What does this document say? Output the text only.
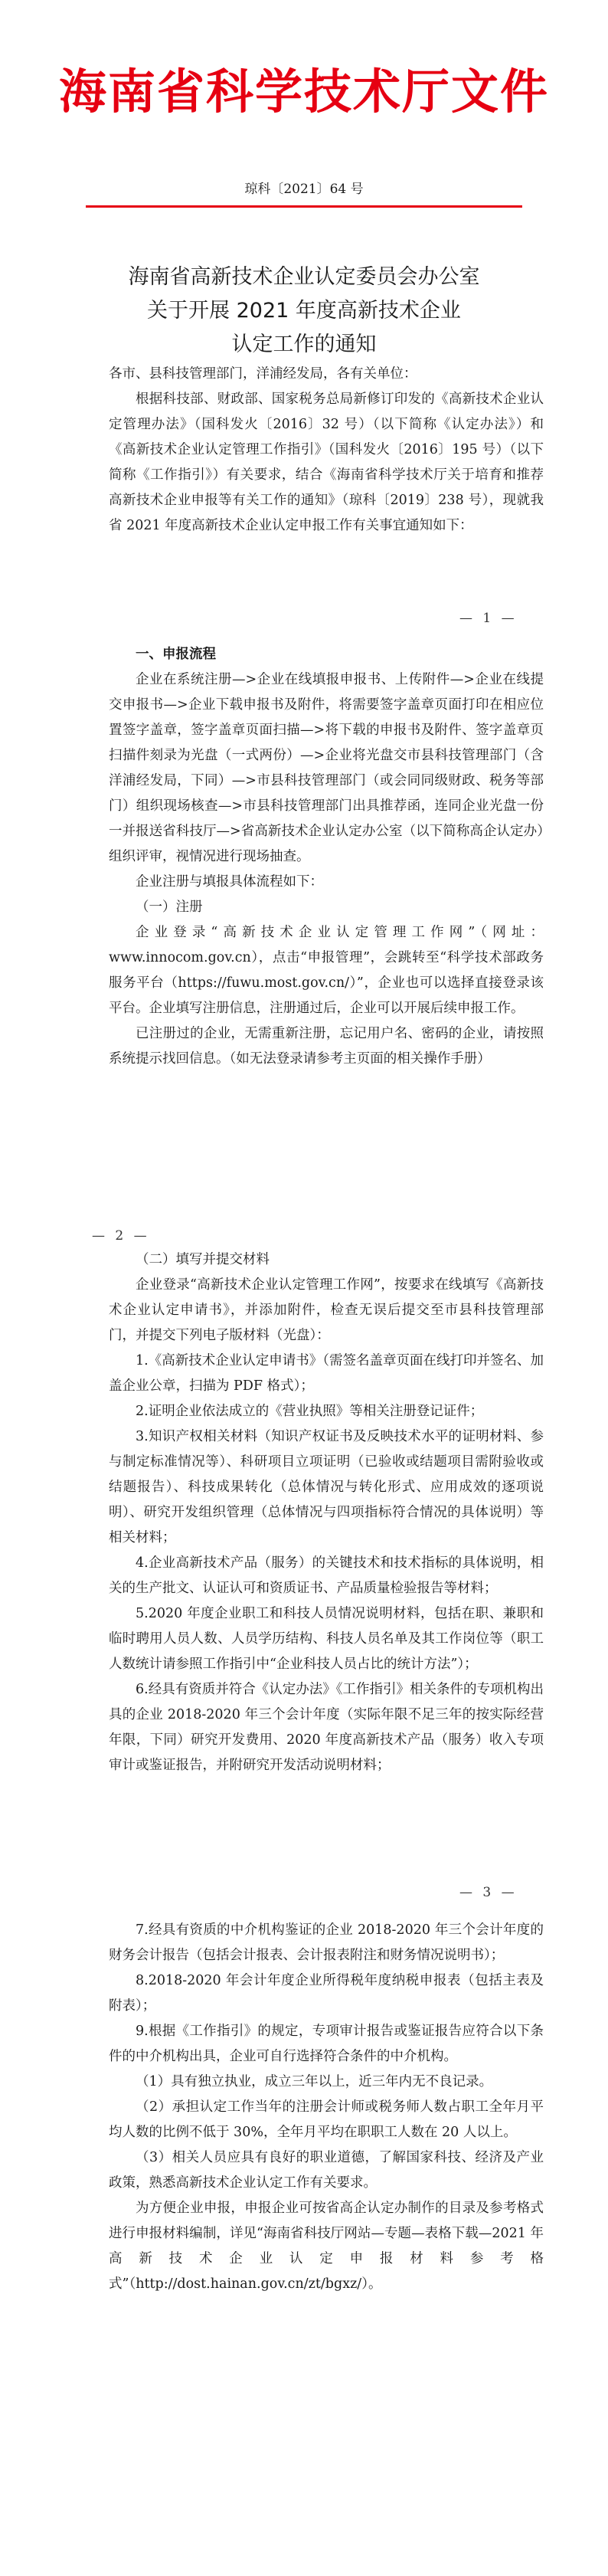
海南省科学技术厅文件
琼科〔2021〕64 号
海南省高新技术企业认定委员会办公室
关于开展 2021 年度高新技术企业
认定工作的通知

各市、县科技管理部门，洋浦经发局，各有关单位：

根据科技部、财政部、国家税务总局新修订印发的《高新技术企业认定管理办法》（国科发火〔2016〕32 号）（以下简称《认定办法》）和《高新技术企业认定管理工作指引》（国科发火〔2016〕195 号）（以下简称《工作指引》）有关要求，结合《海南省科学技术厅关于培育和推荐高新技术企业申报等有关工作的通知》（琼科〔2019〕238 号），现就我省 2021 年度高新技术企业认定申报工作有关事宜通知如下：

— 1 —

一、申报流程

企业在系统注册—>企业在线填报申报书、上传附件—>企业在线提交申报书—>企业下载申报书及附件，将需要签字盖章页面打印在相应位置签字盖章，签字盖章页面扫描—>将下载的申报书及附件、签字盖章页扫描件刻录为光盘（一式两份）—>企业将光盘交市县科技管理部门（含洋浦经发局，下同）—>市县科技管理部门（或会同同级财政、税务等部门）组织现场核查—>市县科技管理部门出具推荐函，连同企业光盘一份一并报送省科技厅—>省高新技术企业认定办公室（以下简称高企认定办）组织评审，视情况进行现场抽查。

企业注册与填报具体流程如下：

（一）注册

企业登录“高新技术企业认定管理工作网”（网址：www.innocom.gov.cn），点击“申报管理”，会跳转至“科学技术部政务服务平台（https://fuwu.most.gov.cn/）”，企业也可以选择直接登录该平台。企业填写注册信息，注册通过后，企业可以开展后续申报工作。

已注册过的企业，无需重新注册，忘记用户名、密码的企业，请按照系统提示找回信息。（如无法登录请参考主页面的相关操作手册）

— 2 —

（二）填写并提交材料

企业登录“高新技术企业认定管理工作网”，按要求在线填写《高新技术企业认定申请书》，并添加附件，检查无误后提交至市县科技管理部门，并提交下列电子版材料（光盘）：

1.《高新技术企业认定申请书》（需签名盖章页面在线打印并签名、加盖企业公章，扫描为 PDF 格式）；

2.证明企业依法成立的《营业执照》等相关注册登记证件；

3.知识产权相关材料（知识产权证书及反映技术水平的证明材料、参与制定标准情况等）、科研项目立项证明（已验收或结题项目需附验收或结题报告）、科技成果转化（总体情况与转化形式、应用成效的逐项说明）、研究开发组织管理（总体情况与四项指标符合情况的具体说明）等相关材料；

4.企业高新技术产品（服务）的关键技术和技术指标的具体说明，相关的生产批文、认证认可和资质证书、产品质量检验报告等材料；

5.2020 年度企业职工和科技人员情况说明材料，包括在职、兼职和临时聘用人员人数、人员学历结构、科技人员名单及其工作岗位等（职工人数统计请参照工作指引中“企业科技人员占比的统计方法”）；

6.经具有资质并符合《认定办法》《工作指引》相关条件的专项机构出具的企业 2018-2020 年三个会计年度（实际年限不足三年的按实际经营年限，下同）研究开发费用、2020 年度高新技术产品（服务）收入专项审计或鉴证报告，并附研究开发活动说明材料；

— 3 —

7.经具有资质的中介机构鉴证的企业 2018-2020 年三个会计年度的财务会计报告（包括会计报表、会计报表附注和财务情况说明书）；

8.2018-2020 年会计年度企业所得税年度纳税申报表（包括主表及附表）；

9.根据《工作指引》的规定，专项审计报告或鉴证报告应符合以下条件的中介机构出具，企业可自行选择符合条件的中介机构。

（1）具有独立执业，成立三年以上，近三年内无不良记录。

（2）承担认定工作当年的注册会计师或税务师人数占职工全年月平均人数的比例不低于 30%，全年月平均在职职工人数在 20 人以上。

（3）相关人员应具有良好的职业道德，了解国家科技、经济及产业政策，熟悉高新技术企业认定工作有关要求。

为方便企业申报，申报企业可按省高企认定办制作的目录及参考格式进行申报材料编制，详见“海南省科技厅网站—专题—表格下载—2021 年高新技术企业认定申报材料参考格式”（http://dost.hainan.gov.cn/zt/bgxz/）。
